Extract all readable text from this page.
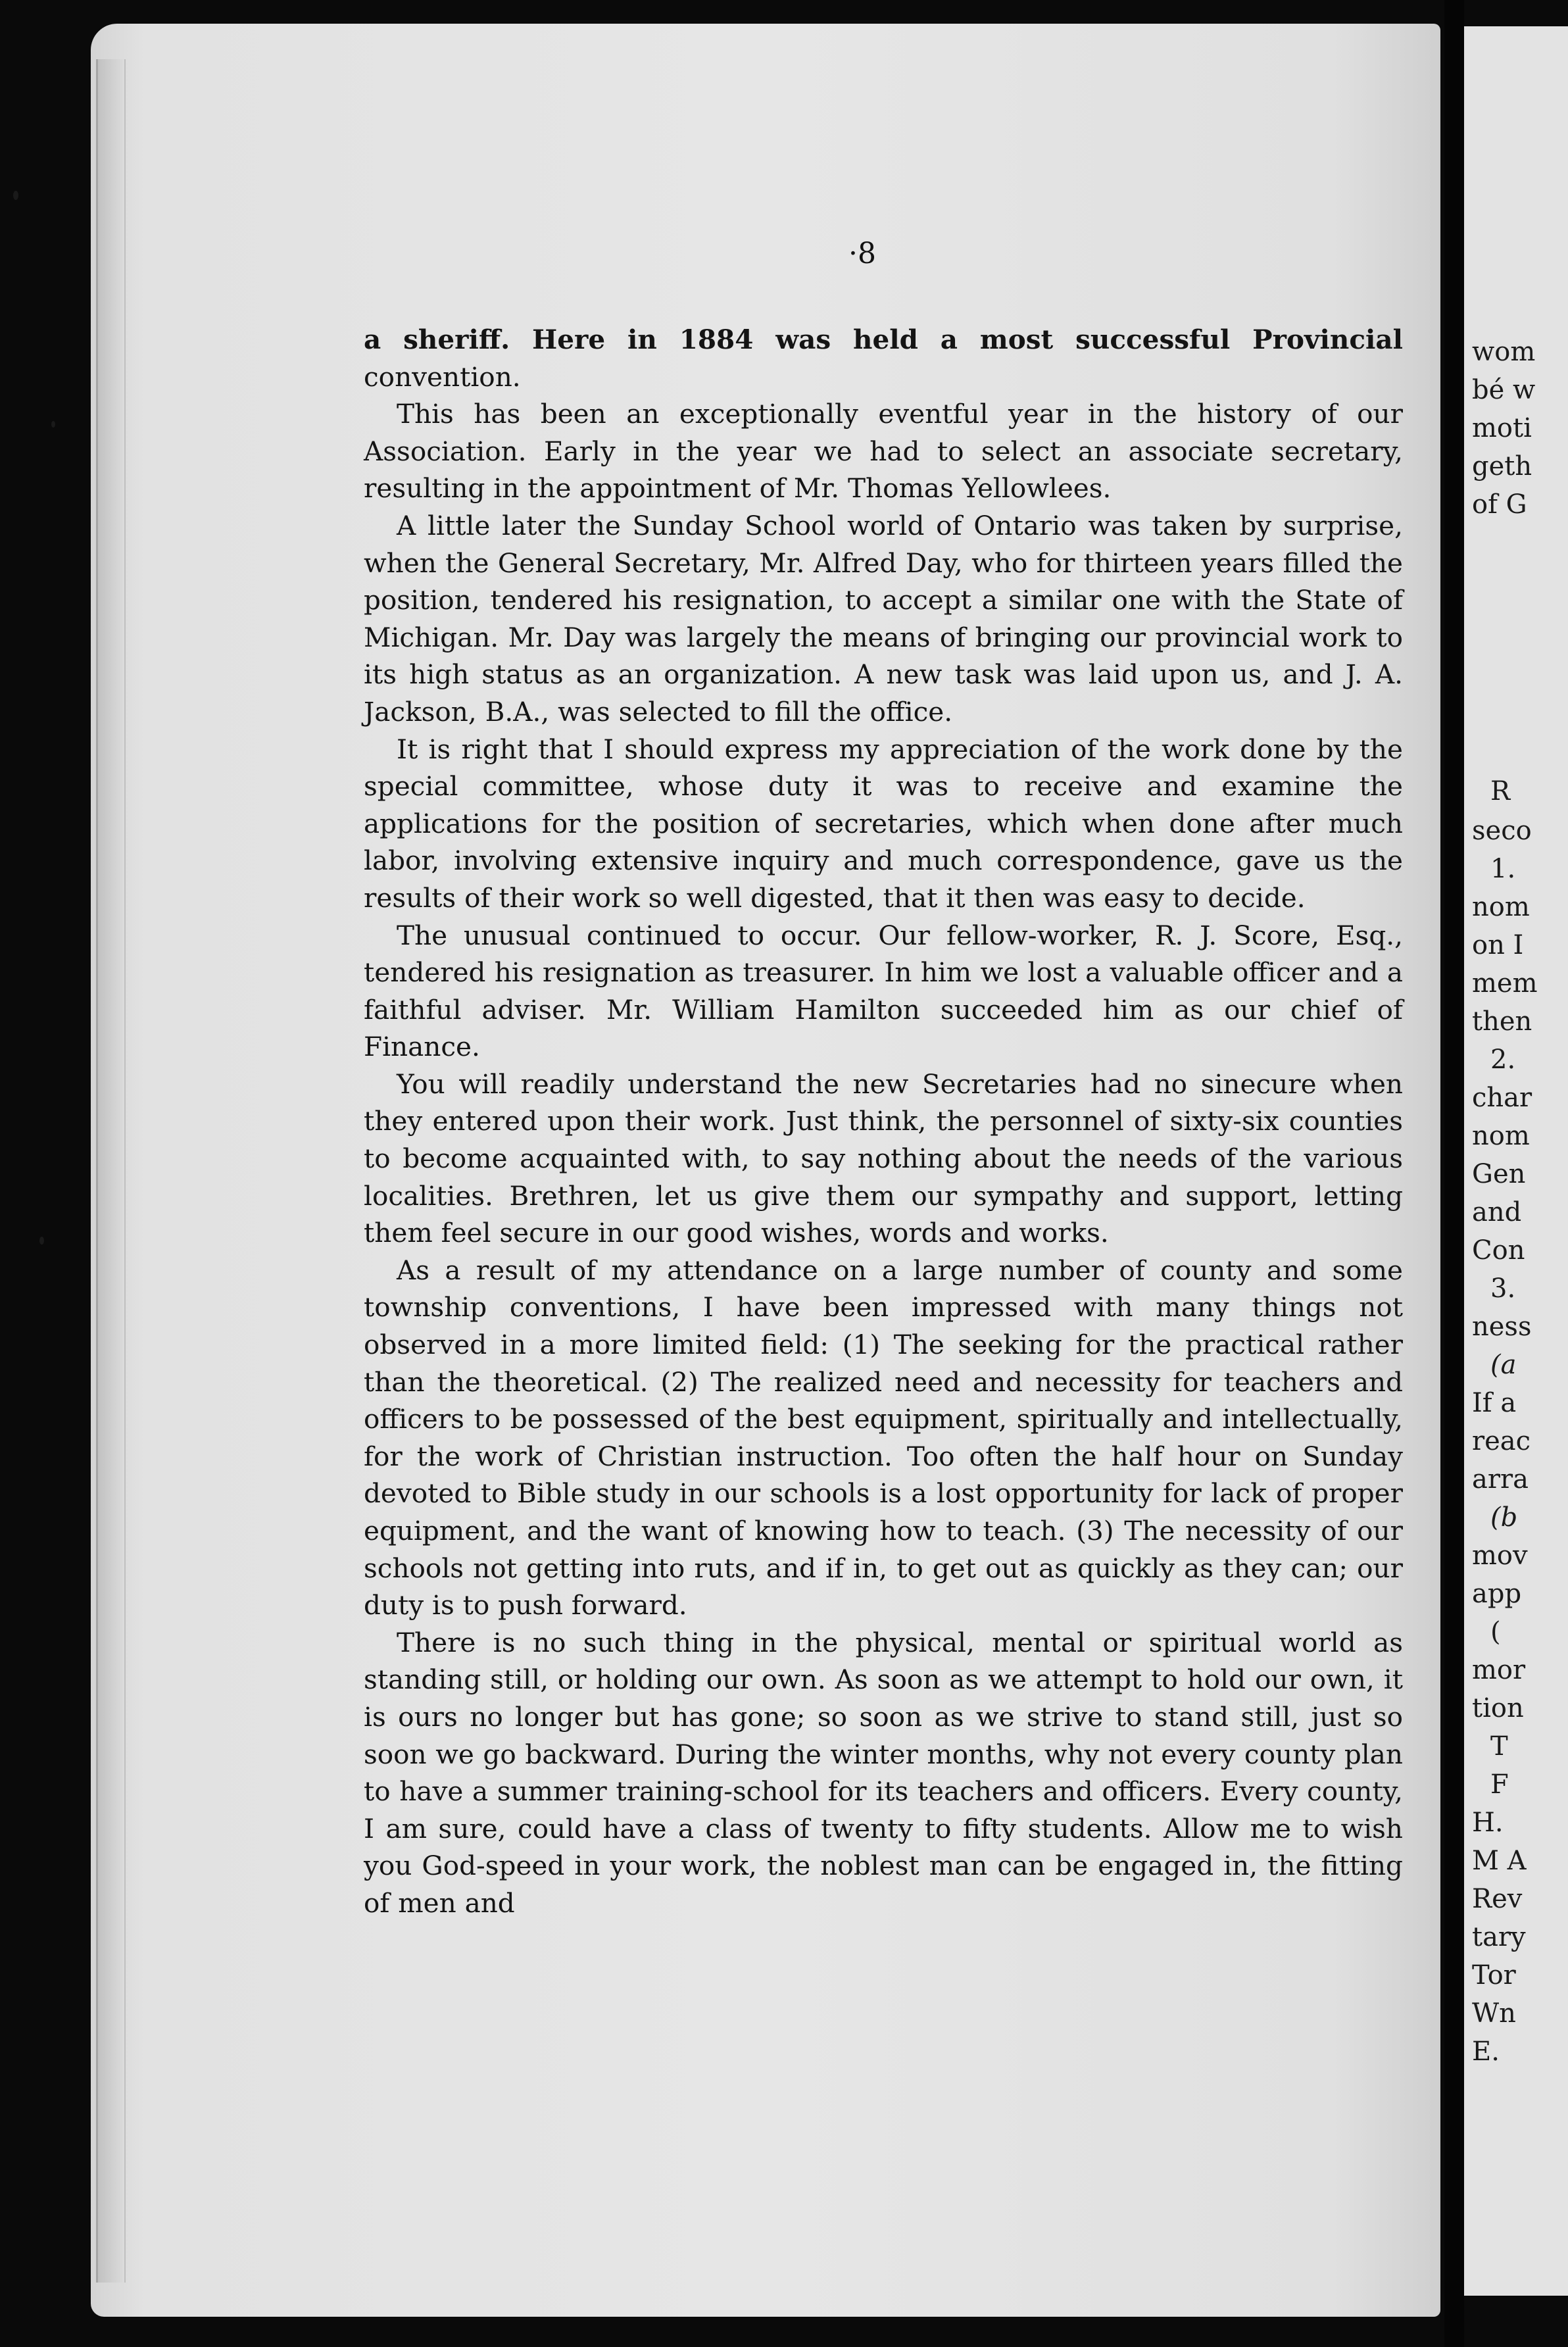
·8

a sheriff. Here in 1884 was held a most successful Provincial convention.

This has been an exceptionally eventful year in the history of our Association. Early in the year we had to select an associate secretary, resulting in the appointment of Mr. Thomas Yellowlees.

A little later the Sunday School world of Ontario was taken by surprise, when the General Secretary, Mr. Alfred Day, who for thirteen years filled the position, tendered his resignation, to accept a similar one with the State of Michigan. Mr. Day was largely the means of bringing our provincial work to its high status as an organization. A new task was laid upon us, and J. A. Jackson, B.A., was selected to fill the office.

It is right that I should express my appreciation of the work done by the special committee, whose duty it was to receive and examine the applications for the position of secretaries, which when done after much labor, involving extensive inquiry and much correspondence, gave us the results of their work so well digested, that it then was easy to decide.

The unusual continued to occur. Our fellow-worker, R. J. Score, Esq., tendered his resignation as treasurer. In him we lost a valuable officer and a faithful adviser. Mr. William Hamilton succeeded him as our chief of Finance.

You will readily understand the new Secretaries had no sinecure when they entered upon their work. Just think, the personnel of sixty-six counties to become acquainted with, to say nothing about the needs of the various localities. Brethren, let us give them our sympathy and support, letting them feel secure in our good wishes, words and works.

As a result of my attendance on a large number of county and some township conventions, I have been impressed with many things not observed in a more limited field: (1) The seeking for the practical rather than the theoretical. (2) The realized need and necessity for teachers and officers to be possessed of the best equipment, spiritually and intellectually, for the work of Christian instruction. Too often the half hour on Sunday devoted to Bible study in our schools is a lost opportunity for lack of proper equipment, and the want of knowing how to teach. (3) The necessity of our schools not getting into ruts, and if in, to get out as quickly as they can; our duty is to push forward.

There is no such thing in the physical, mental or spiritual world as standing still, or holding our own. As soon as we attempt to hold our own, it is ours no longer but has gone; so soon as we strive to stand still, just so soon we go backward. During the winter months, why not every county plan to have a summer training-school for its teachers and officers. Every county, I am sure, could have a class of twenty to fifty students. Allow me to wish you God-speed in your work, the noblest man can be engaged in, the fitting of men and

wom
bé w
moti
geth
of G
R
seco
1.
nom
on I
mem
then
2.
char
nom
Gen
and
Con
3.
ness
(a
If a
reac
arra
(b
mov
app
(
mor
tion
T
F
H.
M A
Rev
tary
Tor
Wn
E.
